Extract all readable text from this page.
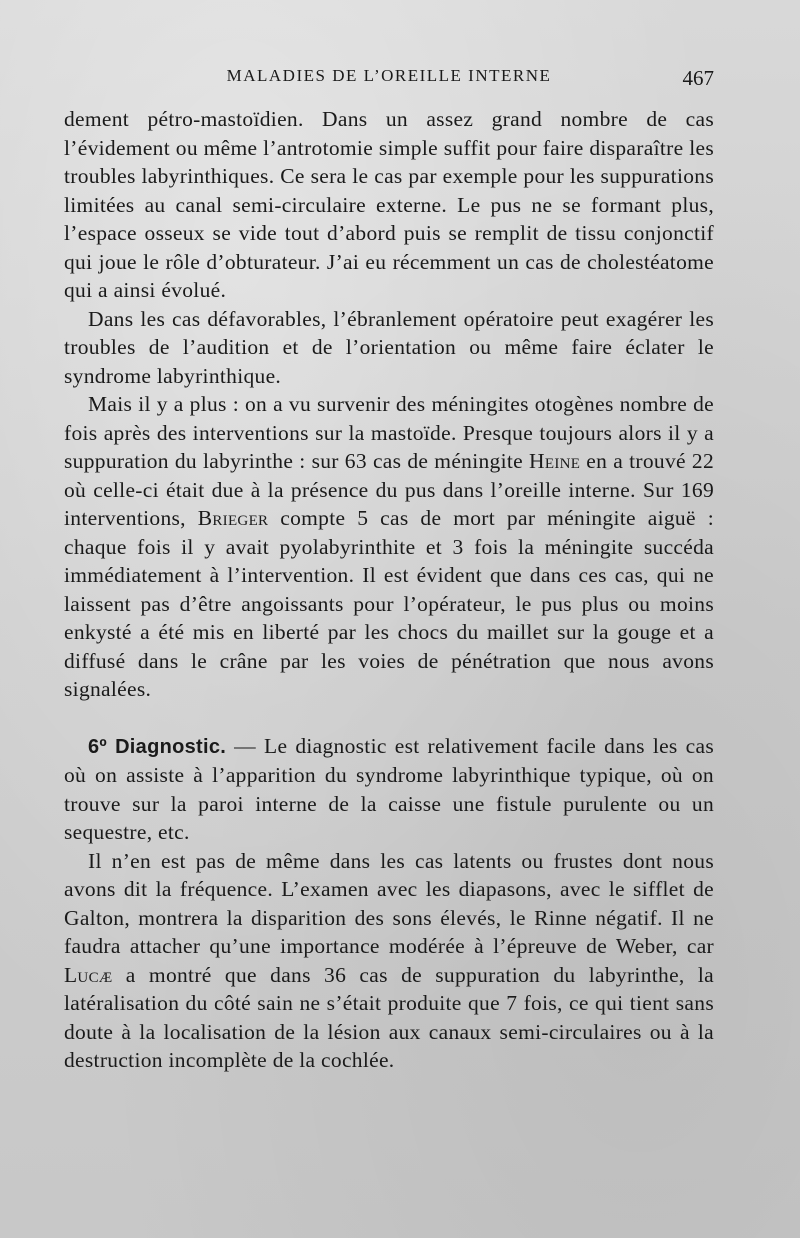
MALADIES DE L’OREILLE INTERNE	467

dement pétro-mastoïdien. Dans un assez grand nombre de cas l’évidement ou même l’antrotomie simple suffit pour faire disparaître les troubles labyrinthiques. Ce sera le cas par exemple pour les suppurations limitées au canal semi-circulaire externe. Le pus ne se formant plus, l’espace osseux se vide tout d’abord puis se remplit de tissu conjonctif qui joue le rôle d’obturateur. J’ai eu récemment un cas de cholestéatome qui a ainsi évolué.

Dans les cas défavorables, l’ébranlement opératoire peut exagérer les troubles de l’audition et de l’orientation ou même faire éclater le syndrome labyrinthique.

Mais il y a plus : on a vu survenir des méningites otogènes nombre de fois après des interventions sur la mastoïde. Presque toujours alors il y a suppuration du labyrinthe : sur 63 cas de méningite Heine en a trouvé 22 où celle-ci était due à la présence du pus dans l’oreille interne. Sur 169 interventions, Brieger compte 5 cas de mort par méningite aiguë : chaque fois il y avait pyolabyrinthite et 3 fois la méningite succéda immédiatement à l’intervention. Il est évident que dans ces cas, qui ne laissent pas d’être angoissants pour l’opérateur, le pus plus ou moins enkysté a été mis en liberté par les chocs du maillet sur la gouge et a diffusé dans le crâne par les voies de pénétration que nous avons signalées.

6º Diagnostic. — Le diagnostic est relativement facile dans les cas où on assiste à l’apparition du syndrome labyrinthique typique, où on trouve sur la paroi interne de la caisse une fistule purulente ou un sequestre, etc.

Il n’en est pas de même dans les cas latents ou frustes dont nous avons dit la fréquence. L’examen avec les diapasons, avec le sifflet de Galton, montrera la disparition des sons élevés, le Rinne négatif. Il ne faudra attacher qu’une importance modérée à l’épreuve de Weber, car Lucæ a montré que dans 36 cas de suppuration du labyrinthe, la latéralisation du côté sain ne s’était produite que 7 fois, ce qui tient sans doute à la localisation de la lésion aux canaux semi-circulaires ou à la destruction incomplète de la cochlée.
